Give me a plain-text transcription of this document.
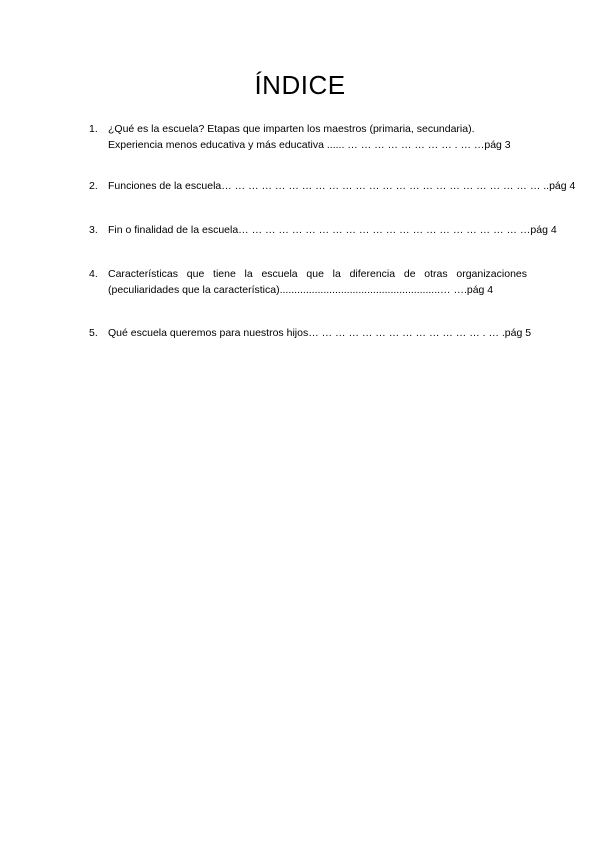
ÍNDICE
1. ¿Qué es la escuela? Etapas que imparten los maestros (primaria, secundaria).
Experiencia menos educativa y más educativa ...... … … … … … … … … . … …pág 3
2. Funciones de la escuela… … … … … … … … … … … … … … … … … … … … … … … … ..pág 4
3. Fin o finalidad de la escuela… … … … … … … … … … … … … … … … … … … … … …pág 4
4. Características que tiene la escuela que la diferencia de otras organizaciones
(peculiaridades que la característica).......................................................… ….pág 4
5. Qué escuela queremos para nuestros hijos… … … … … … … … … … … … … . … .pág 5
